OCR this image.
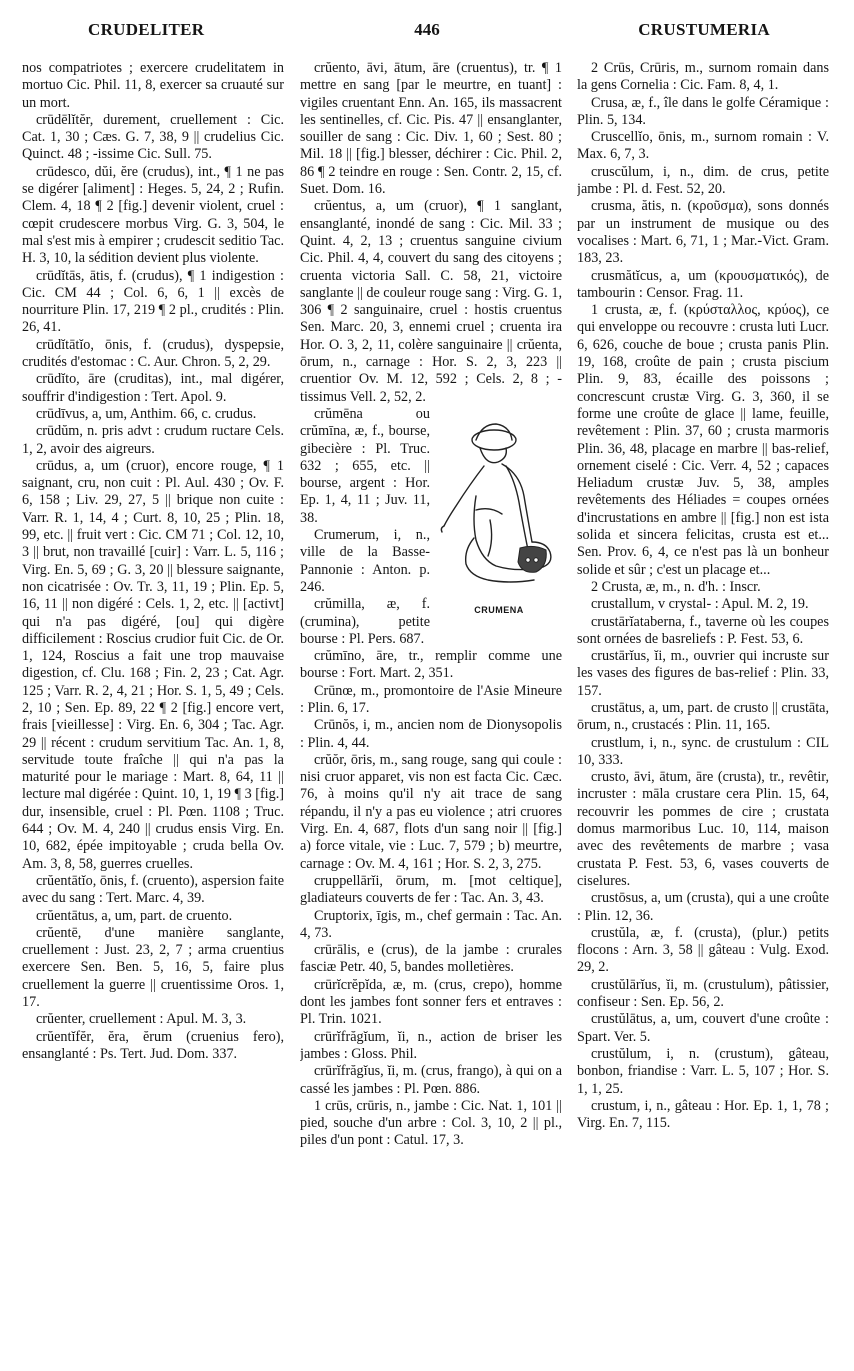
CRUDELITER	446	CRUSTUMERIA

nos compatriotes ; exercere crudelitatem in mortuo Cic. Phil. 11, 8, exercer sa cruauté sur un mort.

crūdēlĭtĕr, durement, cruellement : Cic. Cat. 1, 30 ; Cæs. G. 7, 38, 9 || crudelius Cic. Quinct. 48 ; -issime Cic. Sull. 75.

crūdesco, dŭi, ĕre (crudus), int., ¶ 1 ne pas se digérer [aliment] : Heges. 5, 24, 2 ; Rufin. Clem. 4, 18 ¶ 2 [fig.] devenir violent, cruel : cœpit crudescere morbus Virg. G. 3, 504, le mal s'est mis à empirer ; crudescit seditio Tac. H. 3, 10, la sédition devient plus violente.

crūdĭtās, ātis, f. (crudus), ¶ 1 indigestion : Cic. CM 44 ; Col. 6, 6, 1 || excès de nourriture Plin. 17, 219 ¶ 2 pl., crudités : Plin. 26, 41.

crūdĭtātĭo, ōnis, f. (crudus), dyspepsie, crudités d'estomac : C. Aur. Chron. 5, 2, 29.

crūdĭto, āre (cruditas), int., mal digérer, souffrir d'indigestion : Tert. Apol. 9.

crūdīvus, a, um, Anthim. 66, c. crudus.

crūdŭm, n. pris advt : crudum ructare Cels. 1, 2, avoir des aigreurs.

crūdus, a, um (cruor), encore rouge, ¶ 1 saignant, cru, non cuit : Pl. Aul. 430 ; Ov. F. 6, 158 ; Liv. 29, 27, 5 || brique non cuite : Varr. R. 1, 14, 4 ; Curt. 8, 10, 25 ; Plin. 18, 99, etc. || fruit vert : Cic. CM 71 ; Col. 12, 10, 3 || brut, non travaillé [cuir] : Varr. L. 5, 116 ; Virg. En. 5, 69 ; G. 3, 20 || blessure saignante, non cicatrisée : Ov. Tr. 3, 11, 19 ; Plin. Ep. 5, 16, 11 || non digéré : Cels. 1, 2, etc. || [activt] qui n'a pas digéré, [ou] qui digère difficilement : Roscius crudior fuit Cic. de Or. 1, 124, Roscius a fait une trop mauvaise digestion, cf. Clu. 168 ; Fin. 2, 23 ; Cat. Agr. 125 ; Varr. R. 2, 4, 21 ; Hor. S. 1, 5, 49 ; Cels. 2, 10 ; Sen. Ep. 89, 22 ¶ 2 [fig.] encore vert, frais [vieillesse] : Virg. En. 6, 304 ; Tac. Agr. 29 || récent : crudum servitium Tac. An. 1, 8, servitude toute fraîche || qui n'a pas la maturité pour le mariage : Mart. 8, 64, 11 || lecture mal digérée : Quint. 10, 1, 19 ¶ 3 [fig.] dur, insensible, cruel : Pl. Pœn. 1108 ; Truc. 644 ; Ov. M. 4, 240 || crudus ensis Virg. En. 10, 682, épée impitoyable ; cruda bella Ov. Am. 3, 8, 58, guerres cruelles.

crŭentātĭo, ōnis, f. (cruento), aspersion faite avec du sang : Tert. Marc. 4, 39.

crŭentātus, a, um, part. de cruento.

crŭentē, d'une manière sanglante, cruellement : Just. 23, 2, 7 ; arma cruentius exercere Sen. Ben. 5, 16, 5, faire plus cruellement la guerre || cruentissime Oros. 1, 17.

crŭenter, cruellement : Apul. M. 3, 3.

crŭentĭfĕr, ĕra, ĕrum (cruenius fero), ensanglanté : Ps. Tert. Jud. Dom. 337.

crŭento, āvi, ātum, āre (cruentus), tr. ¶ 1 mettre en sang [par le meurtre, en tuant] : vigiles cruentant Enn. An. 165, ils massacrent les sentinelles, cf. Cic. Pis. 47 || ensanglanter, souiller de sang : Cic. Div. 1, 60 ; Sest. 80 ; Mil. 18 || [fig.] blesser, déchirer : Cic. Phil. 2, 86 ¶ 2 teindre en rouge : Sen. Contr. 2, 15, cf. Suet. Dom. 16.

crŭentus, a, um (cruor), ¶ 1 sanglant, ensanglanté, inondé de sang : Cic. Mil. 33 ; Quint. 4, 2, 13 ; cruentus sanguine civium Cic. Phil. 4, 4, couvert du sang des citoyens ; cruenta victoria Sall. C. 58, 21, victoire sanglante || de couleur rouge sang : Virg. G. 1, 306 ¶ 2 sanguinaire, cruel : hostis cruentus Sen. Marc. 20, 3, ennemi cruel ; cruenta ira Hor. O. 3, 2, 11, colère sanguinaire || crŭenta, ōrum, n., carnage : Hor. S. 2, 3, 223 || cruentior Ov. M. 12, 592 ; Cels. 2, 8 ; -tissimus Vell. 2, 52, 2.

CRUMENA

crŭmēna ou crŭmīna, æ, f., bourse, gibecière : Pl. Truc. 632 ; 655, etc. || bourse, argent : Hor. Ep. 1, 4, 11 ; Juv. 11, 38.

Crumerum, i, n., ville de la Basse-Pannonie : Anton. p. 246.

crŭmilla, æ, f. (crumina), petite bourse : Pl. Pers. 687.

crŭmīno, āre, tr., remplir comme une bourse : Fort. Mart. 2, 351.

Crūnœ, m., promontoire de l'Asie Mineure : Plin. 6, 17.

Crūnŏs, i, m., ancien nom de Dionysopolis : Plin. 4, 44.

crŭŏr, ōris, m., sang rouge, sang qui coule : nisi cruor apparet, vis non est facta Cic. Cæc. 76, à moins qu'il n'y ait trace de sang répandu, il n'y a pas eu violence ; atri cruores Virg. En. 4, 687, flots d'un sang noir || [fig.] a) force vitale, vie : Luc. 7, 579 ; b) meurtre, carnage : Ov. M. 4, 161 ; Hor. S. 2, 3, 275.

cruppellārĭi, ōrum, m. [mot celtique], gladiateurs couverts de fer : Tac. An. 3, 43.

Cruptorix, īgis, m., chef germain : Tac. An. 4, 73.

crūrālis, e (crus), de la jambe : crurales fasciæ Petr. 40, 5, bandes molletières.

crūrĭcrĕpĭda, æ, m. (crus, crepo), homme dont les jambes font sonner fers et entraves : Pl. Trin. 1021.

crūrĭfrăgĭum, ĭi, n., action de briser les jambes : Gloss. Phil.

crūrĭfrăgĭus, ĭi, m. (crus, frango), à qui on a cassé les jambes : Pl. Pœn. 886.

1 crūs, crūris, n., jambe : Cic. Nat. 1, 101 || pied, souche d'un arbre : Col. 3, 10, 2 || pl., piles d'un pont : Catul. 17, 3.

2 Crūs, Crūris, m., surnom romain dans la gens Cornelia : Cic. Fam. 8, 4, 1.

Crusa, æ, f., île dans le golfe Céramique : Plin. 5, 134.

Cruscellĭo, ōnis, m., surnom romain : V. Max. 6, 7, 3.

cruscŭlum, i, n., dim. de crus, petite jambe : Pl. d. Fest. 52, 20.

crusma, ătis, n. (κροῦσμα), sons donnés par un instrument de musique ou des vocalises : Mart. 6, 71, 1 ; Mar.-Vict. Gram. 183, 23.

crusmătĭcus, a, um (κρουσματικός), de tambourin : Censor. Frag. 11.

1 crusta, æ, f. (κρύσταλλος, κρύος), ce qui enveloppe ou recouvre : crusta luti Lucr. 6, 626, couche de boue ; crusta panis Plin. 19, 168, croûte de pain ; crusta piscium Plin. 9, 83, écaille des poissons ; concrescunt crustæ Virg. G. 3, 360, il se forme une croûte de glace || lame, feuille, revêtement : Plin. 37, 60 ; crusta marmoris Plin. 36, 48, placage en marbre || bas-relief, ornement ciselé : Cic. Verr. 4, 52 ; capaces Heliadum crustæ Juv. 5, 38, amples revêtements des Héliades = coupes ornées d'incrustations en ambre || [fig.] non est ista solida et sincera felicitas, crusta est et... Sen. Prov. 6, 4, ce n'est pas là un bonheur solide et sûr ; c'est un placage et...

2 Crusta, æ, m., n. d'h. : Inscr.

crustallum, v crystal- : Apul. M. 2, 19.

crustārĭataberna, f., taverne où les coupes sont ornées de basreliefs : P. Fest. 53, 6.

crustārĭus, ĭi, m., ouvrier qui incruste sur les vases des figures de bas-relief : Plin. 33, 157.

crustātus, a, um, part. de crusto || crustāta, ōrum, n., crustacés : Plin. 11, 165.

crustlum, i, n., sync. de crustulum : CIL 10, 333.

crusto, āvi, ātum, āre (crusta), tr., revêtir, incruster : māla crustare cera Plin. 15, 64, recouvrir les pommes de cire ; crustata domus marmoribus Luc. 10, 114, maison avec des revêtements de marbre ; vasa crustata P. Fest. 53, 6, vases couverts de ciselures.

crustōsus, a, um (crusta), qui a une croûte : Plin. 12, 36.

crustŭla, æ, f. (crusta), (plur.) petits flocons : Arn. 3, 58 || gâteau : Vulg. Exod. 29, 2.

crustŭlārĭus, ĭi, m. (crustulum), pâtissier, confiseur : Sen. Ep. 56, 2.

crustŭlātus, a, um, couvert d'une croûte : Spart. Ver. 5.

crustŭlum, i, n. (crustum), gâteau, bonbon, friandise : Varr. L. 5, 107 ; Hor. S. 1, 1, 25.

crustum, i, n., gâteau : Hor. Ep. 1, 1, 78 ; Virg. En. 7, 115.
